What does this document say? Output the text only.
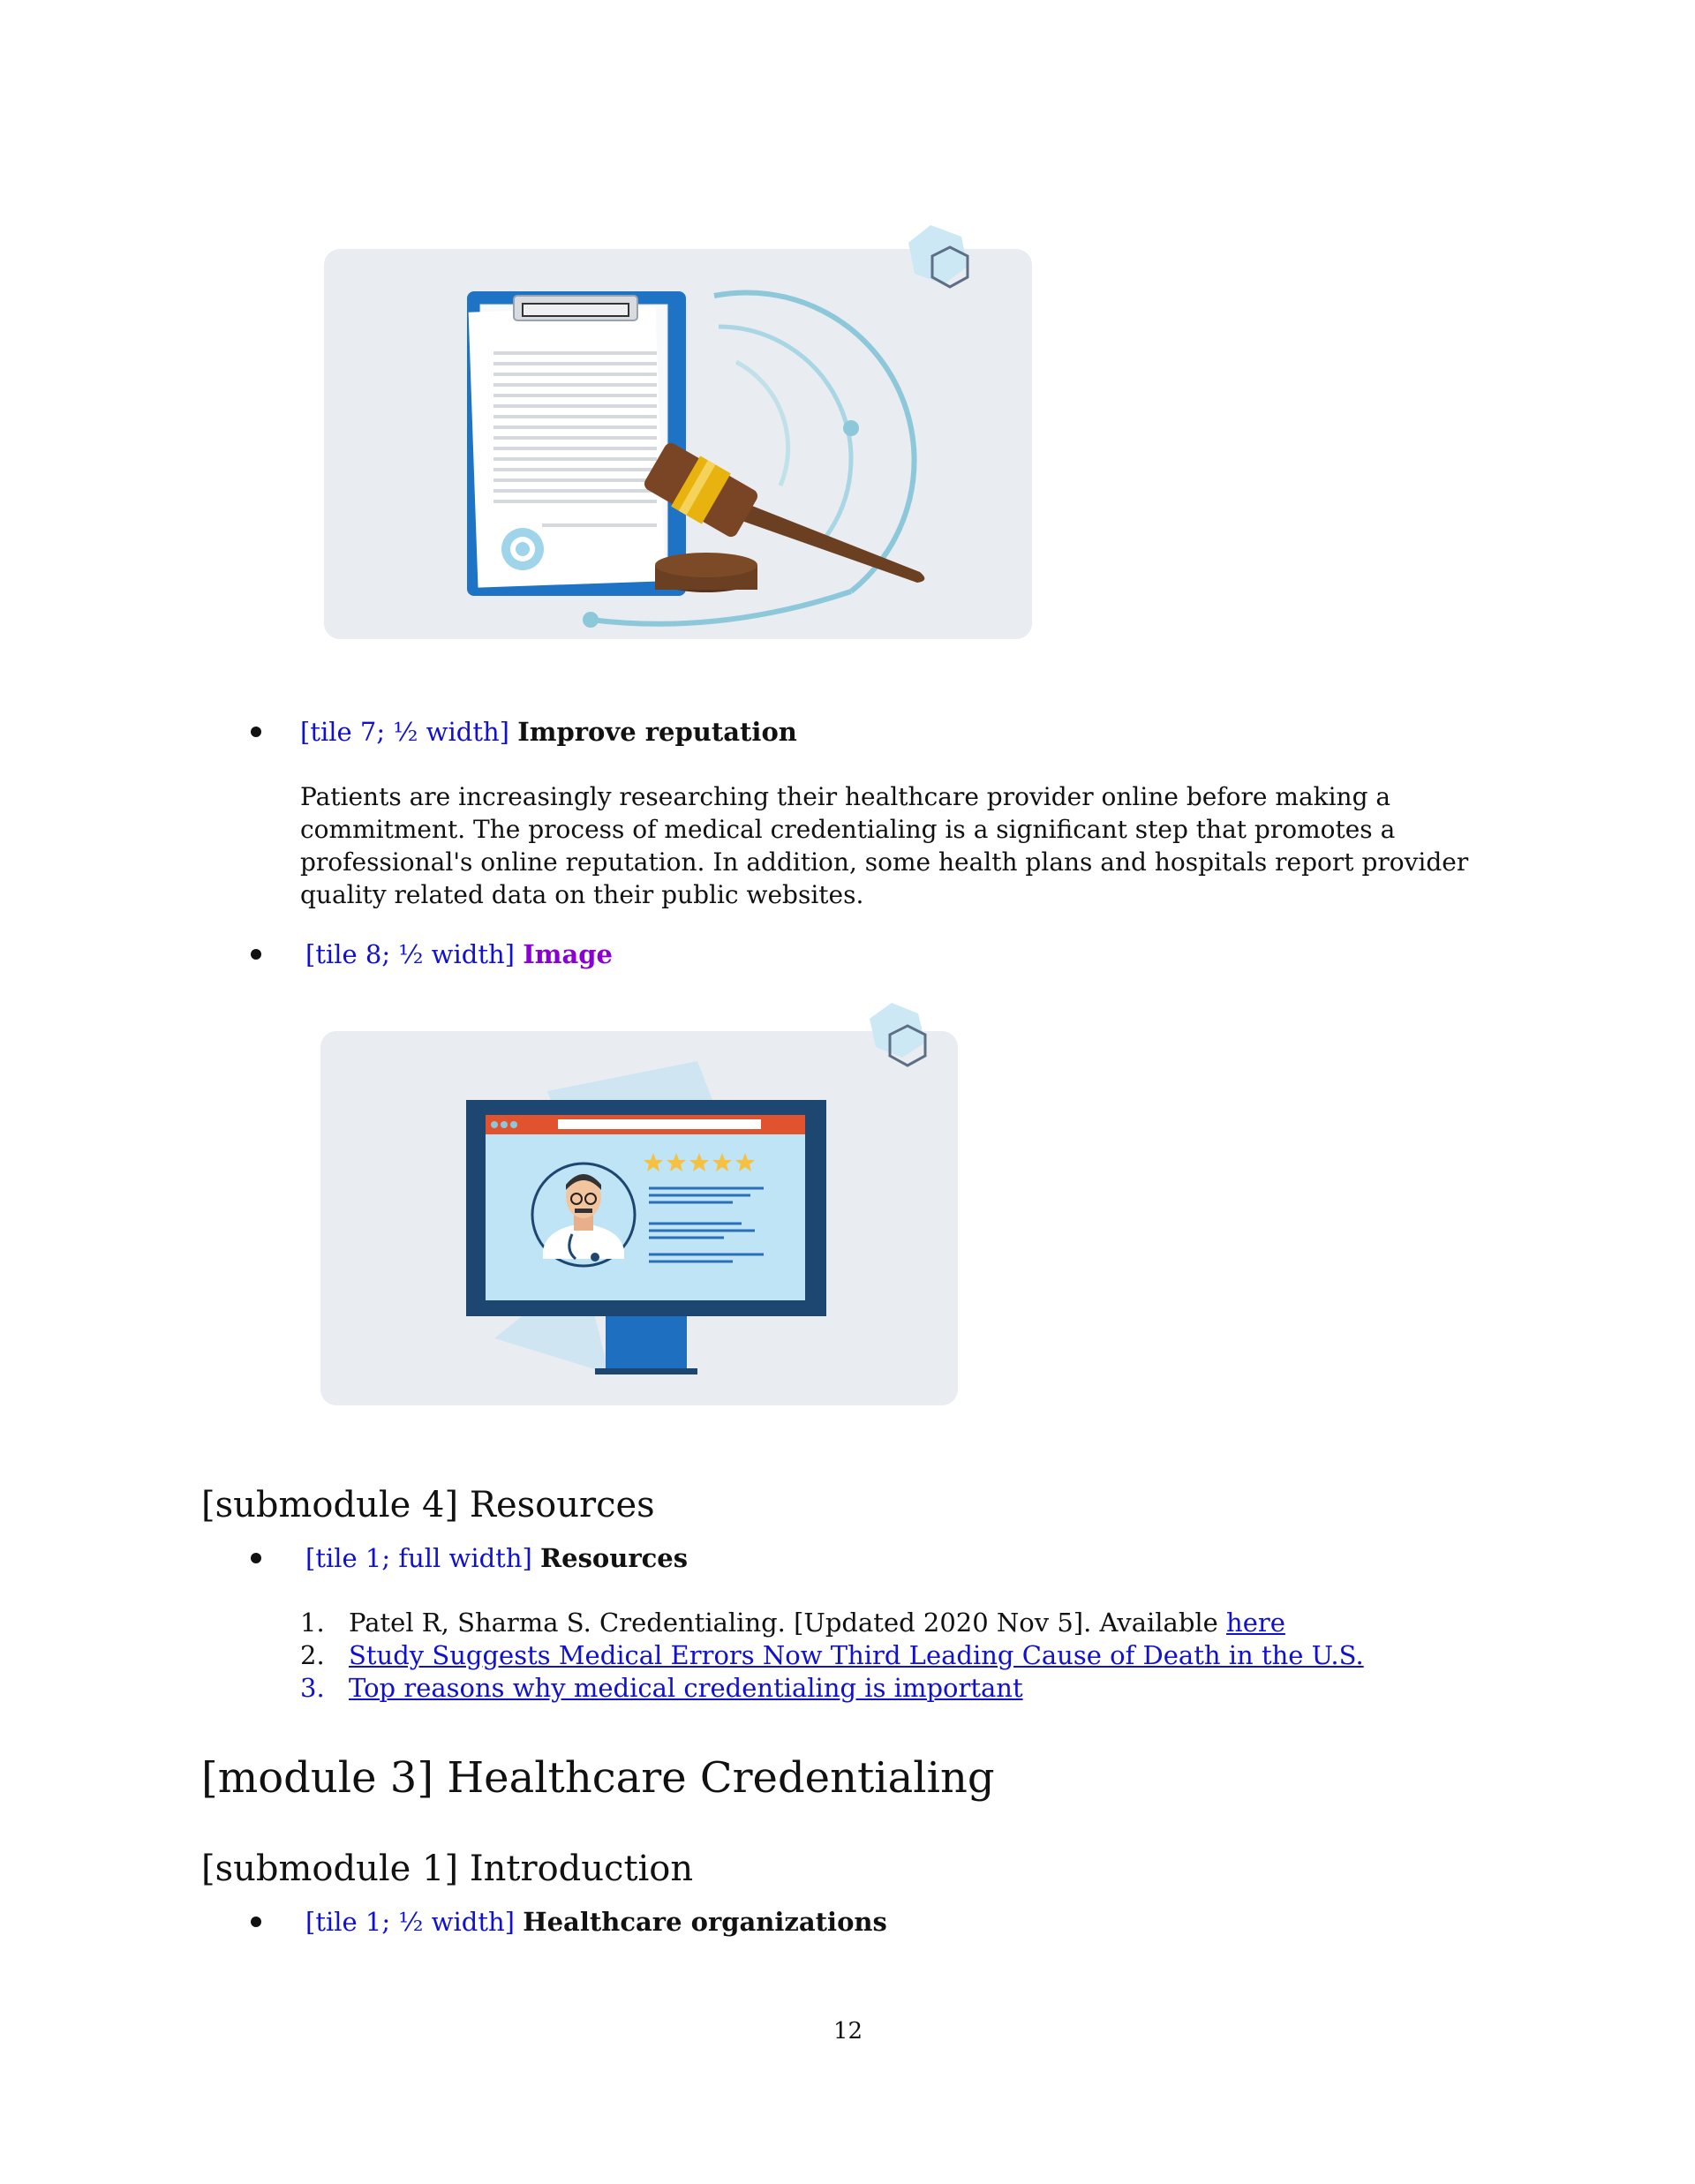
[tile 7; ½ width] Improve reputation
Patients are increasingly researching their healthcare provider online before making a commitment. The process of medical credentialing is a significant step that promotes a professional's online reputation. In addition, some health plans and hospitals report provider quality related data on their public websites.
[tile 8; ½ width] Image
[submodule 4] Resources
[tile 1; full width] Resources
1. Patel R, Sharma S. Credentialing. [Updated 2020 Nov 5]. Available here
2. Study Suggests Medical Errors Now Third Leading Cause of Death in the U.S.
3. Top reasons why medical credentialing is important
[module 3] Healthcare Credentialing
[submodule 1] Introduction
[tile 1; ½ width] Healthcare organizations
12
